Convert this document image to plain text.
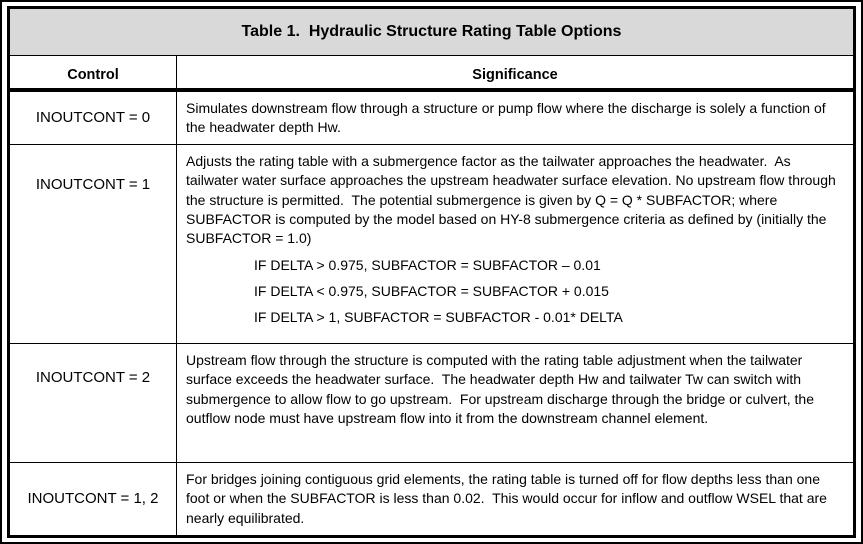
Table 1.  Hydraulic Structure Rating Table Options	
Control	Significance
INOUTCONT = 0	Simulates downstream flow through a structure or pump flow where the discharge is solely a function of the headwater depth Hw.

INOUTCONT = 1	Adjusts the rating table with a submergence factor as the tailwater approaches the headwater.  As tailwater water surface approaches the upstream headwater surface elevation. No upstream flow through the structure is permitted.  The potential submergence is given by Q = Q * SUBFACTOR; where SUBFACTOR is computed by the model based on HY-8 submergence criteria as defined by (initially the SUBFACTOR = 1.0)
IF DELTA > 0.975, SUBFACTOR = SUBFACTOR – 0.01
IF DELTA < 0.975, SUBFACTOR = SUBFACTOR + 0.015
IF DELTA > 1, SUBFACTOR = SUBFACTOR - 0.01* DELTA

INOUTCONT = 2	Upstream flow through the structure is computed with the rating table adjustment when the tailwater surface exceeds the headwater surface.  The headwater depth Hw and tailwater Tw can switch with submergence to allow flow to go upstream.  For upstream discharge through the bridge or culvert, the outflow node must have upstream flow into it from the downstream channel element.

INOUTCONT = 1, 2	For bridges joining contiguous grid elements, the rating table is turned off for flow depths less than one foot or when the SUBFACTOR is less than 0.02.  This would occur for inflow and outflow WSEL that are nearly equilibrated.
